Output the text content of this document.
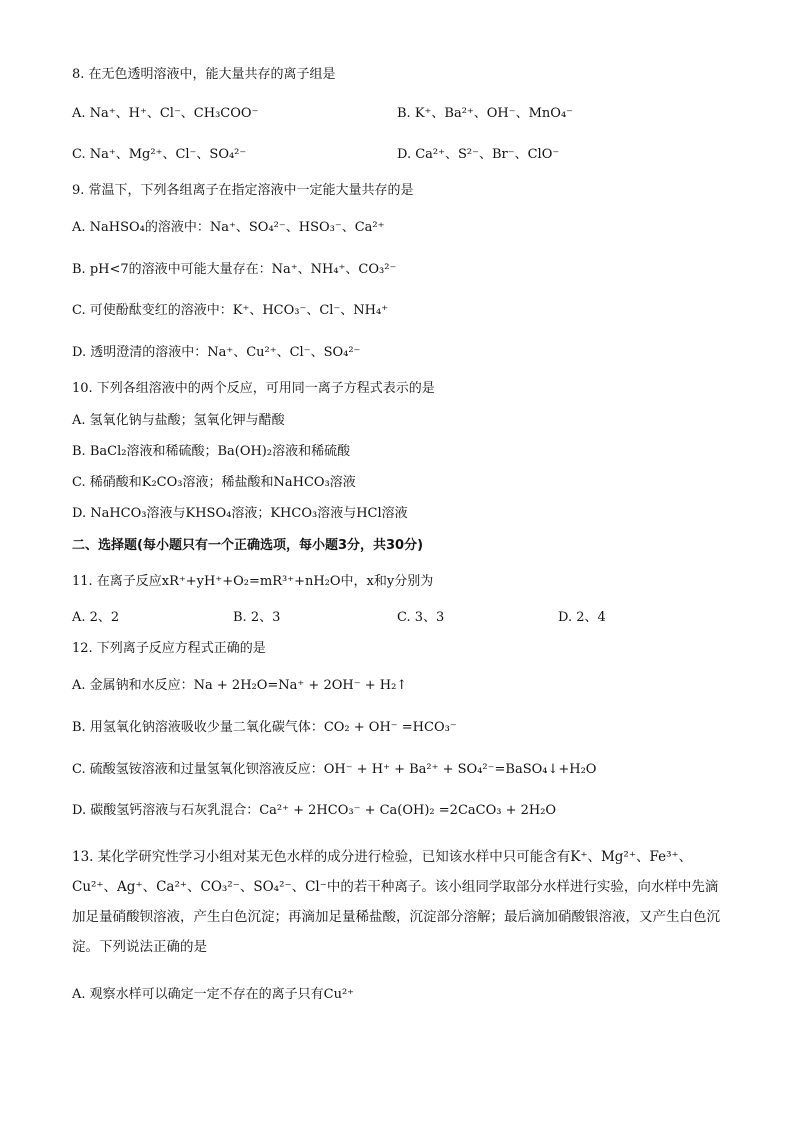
8. 在无色透明溶液中，能大量共存的离子组是
A. Na⁺、H⁺、Cl⁻、CH₃COO⁻	B. K⁺、Ba²⁺、OH⁻、MnO₄⁻
C. Na⁺、Mg²⁺、Cl⁻、SO₄²⁻	D. Ca²⁺、S²⁻、Br⁻、ClO⁻
9. 常温下，下列各组离子在指定溶液中一定能大量共存的是
A. NaHSO₄的溶液中：Na⁺、SO₄²⁻、HSO₃⁻、Ca²⁺
B. pH<7的溶液中可能大量存在：Na⁺、NH₄⁺、CO₃²⁻
C. 可使酚酞变红的溶液中：K⁺、HCO₃⁻、Cl⁻、NH₄⁺
D. 透明澄清的溶液中：Na⁺、Cu²⁺、Cl⁻、SO₄²⁻
10. 下列各组溶液中的两个反应，可用同一离子方程式表示的是
A. 氢氧化钠与盐酸；氢氧化钾与醋酸
B. BaCl₂溶液和稀硫酸；Ba(OH)₂溶液和稀硫酸
C. 稀硝酸和K₂CO₃溶液；稀盐酸和NaHCO₃溶液
D. NaHCO₃溶液与KHSO₄溶液；KHCO₃溶液与HCl溶液
二、选择题(每小题只有一个正确选项，每小题3分，共30分)
11. 在离子反应xR⁺+yH⁺+O₂=mR³⁺+nH₂O中，x和y分别为
A. 2、2	B. 2、3	C. 3、3	D. 2、4
12. 下列离子反应方程式正确的是
A. 金属钠和水反应：Na + 2H₂O=Na⁺ + 2OH⁻ + H₂↑
B. 用氢氧化钠溶液吸收少量二氧化碳气体：CO₂ + OH⁻ =HCO₃⁻
C. 硫酸氢铵溶液和过量氢氧化钡溶液反应：OH⁻ + H⁺ + Ba²⁺ + SO₄²⁻=BaSO₄↓+H₂O
D. 碳酸氢钙溶液与石灰乳混合：Ca²⁺ + 2HCO₃⁻ + Ca(OH)₂ =2CaCO₃ + 2H₂O
13. 某化学研究性学习小组对某无色水样的成分进行检验，已知该水样中只可能含有K⁺、Mg²⁺、Fe³⁺、Cu²⁺、Ag⁺、Ca²⁺、CO₃²⁻、SO₄²⁻、Cl⁻中的若干种离子。该小组同学取部分水样进行实验，向水样中先滴加足量硝酸钡溶液，产生白色沉淀；再滴加足量稀盐酸，沉淀部分溶解；最后滴加硝酸银溶液，又产生白色沉淀。下列说法正确的是
A. 观察水样可以确定一定不存在的离子只有Cu²⁺
